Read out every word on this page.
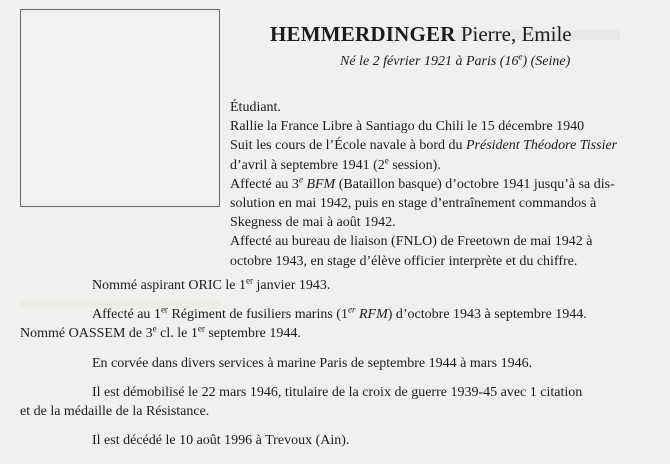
HEMMERDINGER Pierre, Emile
Né le 2 février 1921 à Paris (16e) (Seine)

Étudiant.

Rallie la France Libre à Santiago du Chili le 15 décembre 1940

Suit les cours de l’École navale à bord du Président Théodore Tissier
d’avril à septembre 1941 (2e session).

Affecté au 3e BFM (Bataillon basque) d’octobre 1941 jusqu’à sa dis-
solution en mai 1942, puis en stage d’entraînement commandos à
Skegness de mai à août 1942.

Affecté au bureau de liaison (FNLO) de Freetown de mai 1942 à
octobre 1943, en stage d’élève officier interprète et du chiffre.

Nommé aspirant ORIC le 1er janvier 1943.

Affecté au 1er Régiment de fusiliers marins (1er RFM) d’octobre 1943 à septembre 1944.

Nommé OASSEM de 3e cl. le 1er septembre 1944.

En corvée dans divers services à marine Paris de septembre 1944 à mars 1946.

Il est démobilisé le 22 mars 1946, titulaire de la croix de guerre 1939-45 avec 1 citation

et de la médaille de la Résistance.

Il est décédé le 10 août 1996 à Trevoux (Ain).
